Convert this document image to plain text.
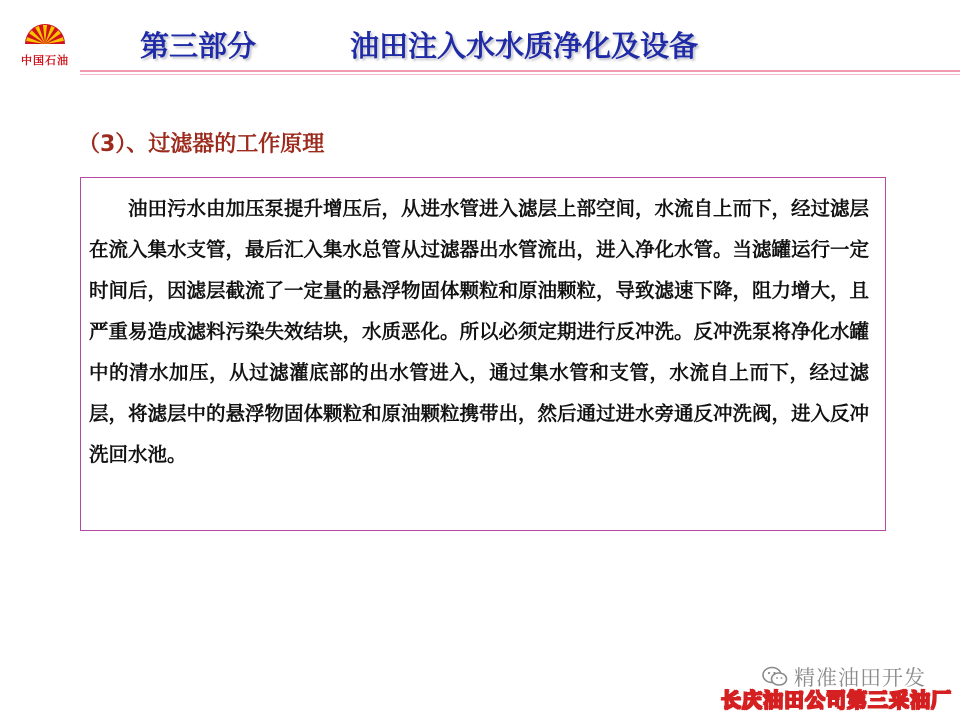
中国石油 第三部分	油田注入水水质净化及设备
（3）、过滤器的工作原理

油田污水由加压泵提升增压后，从进水管进入滤层上部空间，水流自上而下，经过滤层在流入集水支管，最后汇入集水总管从过滤器出水管流出，进入净化水管。当滤罐运行一定时间后，因滤层截流了一定量的悬浮物固体颗粒和原油颗粒，导致滤速下降，阻力增大，且严重易造成滤料污染失效结块，水质恶化。所以必须定期进行反冲洗。反冲洗泵将净化水罐中的清水加压，从过滤灌底部的出水管进入，通过集水管和支管，水流自上而下，经过滤层，将滤层中的悬浮物固体颗粒和原油颗粒携带出，然后通过进水旁通反冲洗阀，进入反冲洗回水池。

精准油田开发
长庆油田公司第三采油厂
